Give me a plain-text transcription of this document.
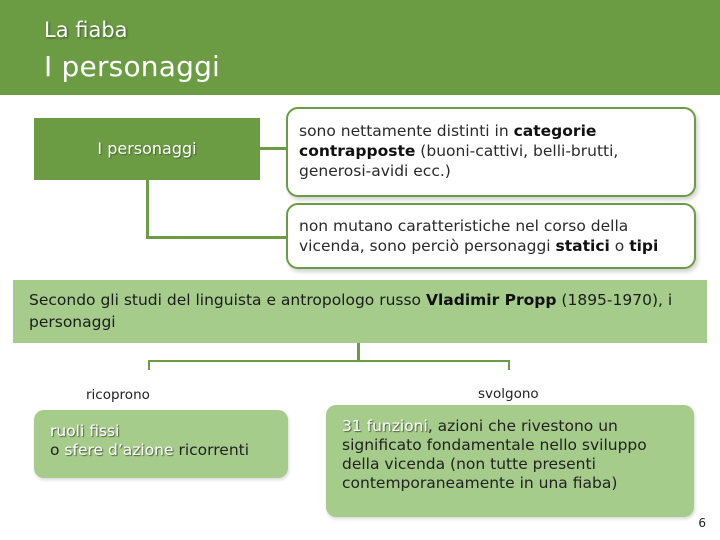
La fiaba
I personaggi
I personaggi
sono nettamente distinti in categorie contrapposte (buoni-cattivi, belli-brutti, generosi-avidi ecc.)
non mutano caratteristiche nel corso della vicenda, sono perciò personaggi statici o tipi
Secondo gli studi del linguista e antropologo russo Vladimir Propp (1895-1970), i personaggi
ricoprono	svolgono
ruoli fissi
o sfere d’azione ricorrenti
31 funzioni, azioni che rivestono un significato fondamentale nello sviluppo della vicenda (non tutte presenti contemporaneamente in una fiaba)
6
